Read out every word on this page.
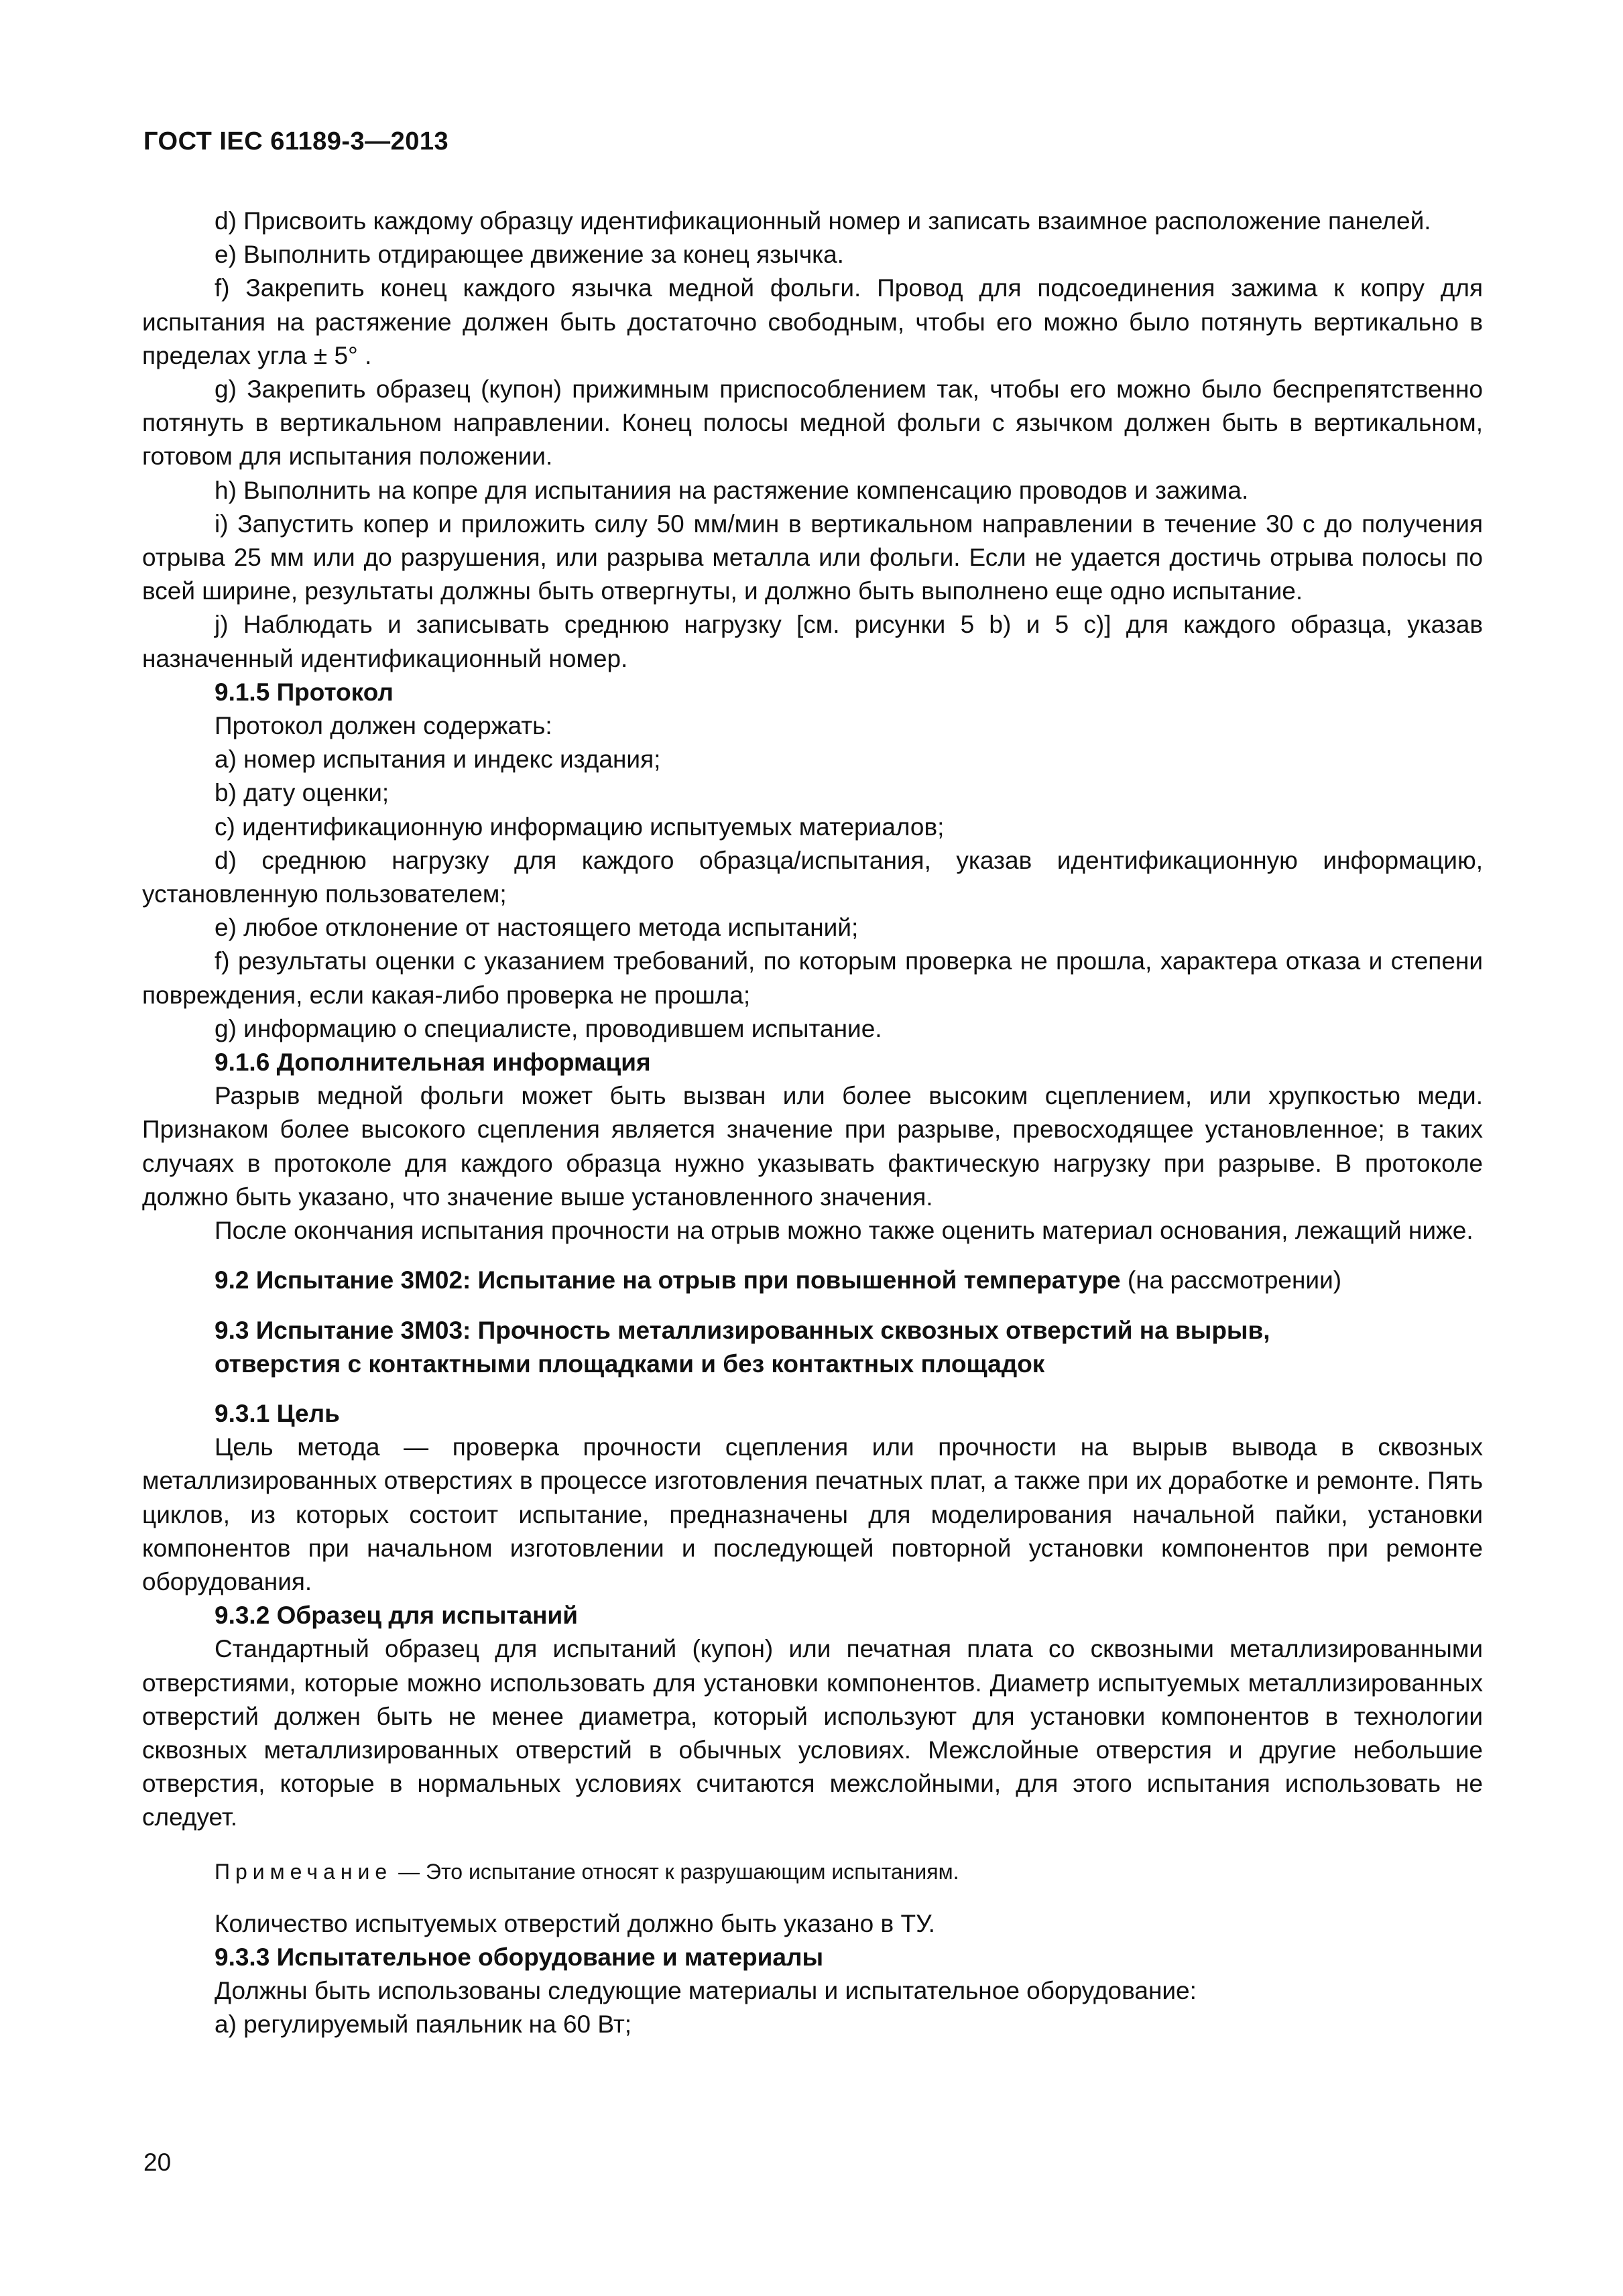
ГОСТ IEC 61189-3—2013

d) Присвоить каждому образцу идентификационный номер и записать взаимное расположение панелей.

e) Выполнить отдирающее движение за конец язычка.

f) Закрепить конец каждого язычка медной фольги. Провод для подсоединения зажима к копру для испытания на растяжение должен быть достаточно свободным, чтобы его можно было потянуть вертикально в пределах угла ± 5° .

g) Закрепить образец (купон) прижимным приспособлением так, чтобы его можно было беспрепятственно потянуть в вертикальном направлении. Конец полосы медной фольги с язычком должен быть в вертикальном, готовом для испытания положении.

h) Выполнить на копре для испытаниия на растяжение компенсацию проводов и зажима.

i) Запустить копер и приложить силу 50 мм/мин в вертикальном направлении в течение 30 с до получения отрыва 25 мм или до разрушения, или разрыва металла или фольги. Если не удается достичь отрыва полосы по всей ширине, результаты должны быть отвергнуты, и должно быть выполнено еще одно испытание.

j) Наблюдать и записывать среднюю нагрузку [см. рисунки 5 b) и 5 c)] для каждого образца, указав назначенный идентификационный номер.

9.1.5 Протокол

Протокол должен содержать:

a) номер испытания и индекс издания;

b) дату оценки;

c) идентификационную информацию испытуемых материалов;

d) среднюю нагрузку для каждого образца/испытания, указав идентификационную информацию, установленную пользователем;

e) любое отклонение от настоящего метода испытаний;

f) результаты оценки с указанием требований, по которым проверка не прошла, характера отказа и степени повреждения, если какая-либо проверка не прошла;

g) информацию о специалисте, проводившем испытание.

9.1.6 Дополнительная информация

Разрыв медной фольги может быть вызван или более высоким сцеплением, или хрупкостью меди. Признаком более высокого сцепления является значение при разрыве, превосходящее установленное; в таких случаях в протоколе для каждого образца нужно указывать фактическую нагрузку при разрыве. В протоколе должно быть указано, что значение выше установленного значения.

После окончания испытания прочности на отрыв можно также оценить материал основания, лежащий ниже.

9.2 Испытание 3M02: Испытание на отрыв при повышенной температуре (на рассмотрении)

9.3 Испытание 3M03: Прочность металлизированных сквозных отверстий на вырыв,
отверстия с контактными площадками и без контактных площадок

9.3.1 Цель

Цель метода — проверка прочности сцепления или прочности на вырыв вывода в сквозных металлизированных отверстиях в процессе изготовления печатных плат, а также при их доработке и ремонте. Пять циклов, из которых состоит испытание, предназначены для моделирования начальной пайки, установки компонентов при начальном изготовлении и последующей повторной установки компонентов при ремонте оборудования.

9.3.2 Образец для испытаний

Стандартный образец для испытаний (купон) или печатная плата со сквозными металлизированными отверстиями, которые можно использовать для установки компонентов. Диаметр испытуемых металлизированных отверстий должен быть не менее диаметра, который используют для установки компонентов в технологии сквозных металлизированных отверстий в обычных условиях. Межслойные отверстия и другие небольшие отверстия, которые в нормальных условиях считаются межслойными, для этого испытания использовать не следует.

Примечание — Это испытание относят к разрушающим испытаниям.

Количество испытуемых отверстий должно быть указано в ТУ.

9.3.3 Испытательное оборудование и материалы

Должны быть использованы следующие материалы и испытательное оборудование:

a) регулируемый паяльник на 60 Вт;

20
